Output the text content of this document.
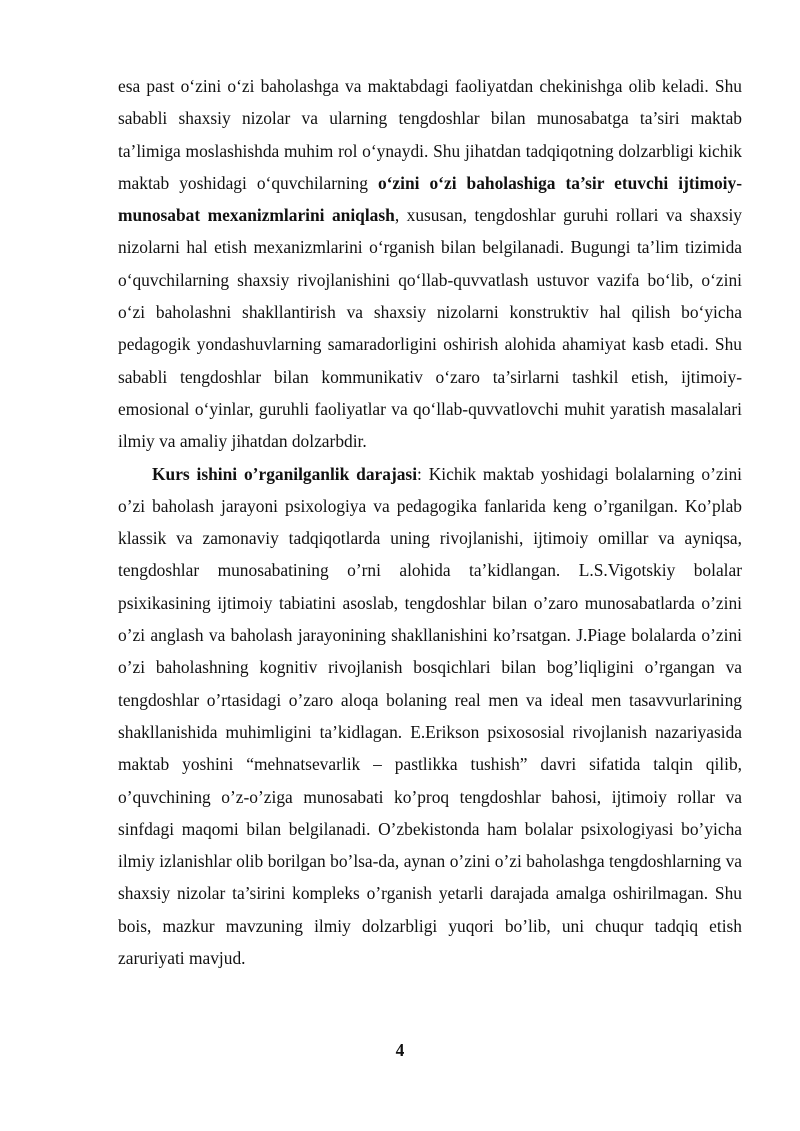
esa past o‘zini o‘zi baholashga va maktabdagi faoliyatdan chekinishga olib keladi. Shu sababli shaxsiy nizolar va ularning tengdoshlar bilan munosabatga ta’siri maktab ta’limiga moslashishda muhim rol o‘ynaydi. Shu jihatdan tadqiqotning dolzarbligi kichik maktab yoshidagi o‘quvchilarning o‘zini o‘zi baholashiga ta’sir etuvchi ijtimoiy-munosabat mexanizmlarini aniqlash, xususan, tengdoshlar guruhi rollari va shaxsiy nizolarni hal etish mexanizmlarini o‘rganish bilan belgilanadi. Bugungi ta’lim tizimida o‘quvchilarning shaxsiy rivojlanishini qo‘llab-quvvatlash ustuvor vazifa bo‘lib, o‘zini o‘zi baholashni shakllantirish va shaxsiy nizolarni konstruktiv hal qilish bo‘yicha pedagogik yondashuvlarning samaradorligini oshirish alohida ahamiyat kasb etadi. Shu sababli tengdoshlar bilan kommunikativ o‘zaro ta’sirlarni tashkil etish, ijtimoiy-emosional o‘yinlar, guruhli faoliyatlar va qo‘llab-quvvatlovchi muhit yaratish masalalari ilmiy va amaliy jihatdan dolzarbdir.

Kurs ishini o’rganilganlik darajasi: Kichik maktab yoshidagi bolalarning o’zini o’zi baholash jarayoni psixologiya va pedagogika fanlarida keng o’rganilgan. Ko’plab klassik va zamonaviy tadqiqotlarda uning rivojlanishi, ijtimoiy omillar va ayniqsa, tengdoshlar munosabatining o’rni alohida ta’kidlangan. L.S.Vigotskiy bolalar psixikasining ijtimoiy tabiatini asoslab, tengdoshlar bilan o’zaro munosabatlarda o’zini o’zi anglash va baholash jarayonining shakllanishini ko’rsatgan. J.Piage bolalarda o’zini o’zi baholashning kognitiv rivojlanish bosqichlari bilan bog’liqligini o’rgangan va tengdoshlar o’rtasidagi o’zaro aloqa bolaning real men va ideal men tasavvurlarining shakllanishida muhimligini ta’kidlagan. E.Erikson psixososial rivojlanish nazariyasida maktab yoshini “mehnatsevarlik – pastlikka tushish” davri sifatida talqin qilib, o’quvchining o’z-o’ziga munosabati ko’proq tengdoshlar bahosi, ijtimoiy rollar va sinfdagi maqomi bilan belgilanadi. O’zbekistonda ham bolalar psixologiyasi bo’yicha ilmiy izlanishlar olib borilgan bo’lsa-da, aynan o’zini o’zi baholashga tengdoshlarning va shaxsiy nizolar ta’sirini kompleks o’rganish yetarli darajada amalga oshirilmagan. Shu bois, mazkur mavzuning ilmiy dolzarbligi yuqori bo’lib, uni chuqur tadqiq etish zaruriyati mavjud.

4
